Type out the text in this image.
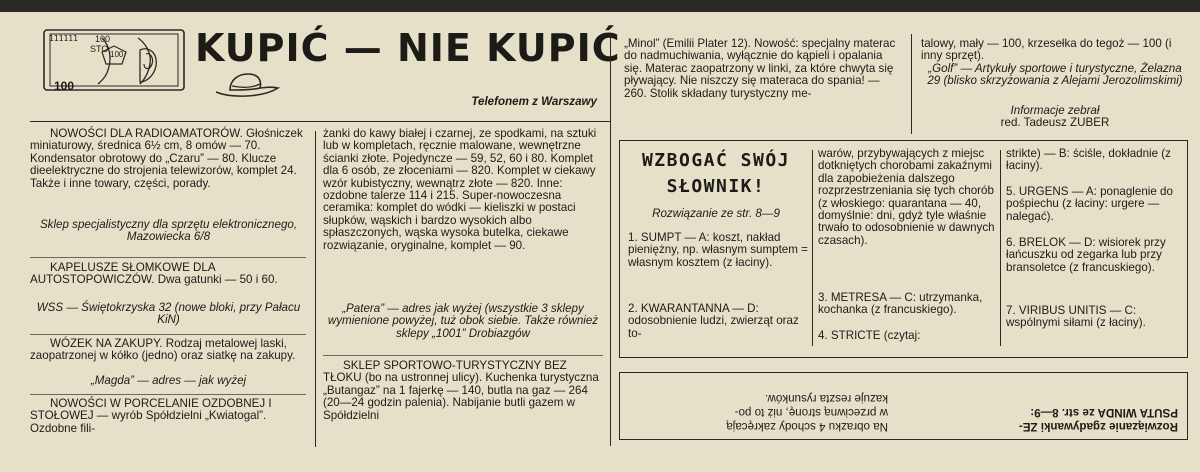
111111 100
STO
100
100
KUPIĆ — NIE KUPIĆ
Telefonem z Warszawy
NOWOŚCI DLA RADIOAMATORÓW. Głośniczek miniaturowy, średnica 6½ cm, 8 omów — 70. Kondensator obrotowy do „Czaru” — 80. Klucze dieelektryczne do strojenia telewizorów, komplet 24. Także i inne towary, części, porady.
Sklep specjalistyczny dla sprzętu elektronicznego, Mazowiecka 6/8
KAPELUSZE SŁOMKOWE DLA AUTOSTOPOWICZÓW. Dwa gatunki — 50 i 60.
WSS — Świętokrzyska 32 (nowe bloki, przy Pałacu KiN)
WÓZEK NA ZAKUPY. Rodzaj metalowej laski, zaopatrzonej w kółko (jedno) oraz siatkę na zakupy.
„Magda” — adres — jak wyżej
NOWOŚCI W PORCELANIE OZDOBNEJ I STOŁOWEJ — wyrób Spółdzielni „Kwiatogal”. Ozdobne fili-
żanki do kawy białej i czarnej, ze spodkami, na sztuki lub w kompletach, ręcznie malowane, wewnętrzne ścianki złote. Pojedyncze — 59, 52, 60 i 80. Komplet dla 6 osób, ze złoceniami — 820. Komplet w ciekawy wzór kubistyczny, wewnątrz złote — 820. Inne: ozdobne talerze 114 i 215. Super-nowoczesna ceramika: komplet do wódki — kieliszki w postaci słupków, wąskich i bardzo wysokich albo spłaszczonych, wąska wysoka butelka, ciekawe rozwiązanie, oryginalne, komplet — 90.
„Patera” — adres jak wyżej (wszystkie 3 sklepy wymienione powyżej, tuż obok siebie. Także również sklepy „1001” Drobiazgów
SKLEP SPORTOWO-TURYSTYCZNY BEZ TŁOKU (bo na ustronnej ulicy). Kuchenka turystyczna „Butangaz” na 1 fajerkę — 140, butla na gaz — 264 (20—24 godzin palenia). Nabijanie butli gazem w Spółdzielni
„Minol” (Emilii Plater 12). Nowość: specjalny materac do nadmuchiwania, wyłącznie do kąpieli i opalania się. Materac zaopatrzony w linki, za które chwyta się pływający. Nie niszczy się materaca do spania! — 260. Stolik składany turystyczny me-
talowy, mały — 100, krzesełka do tegoż — 100 (i inny sprzęt).
„Golf” — Artykuły sportowe i turystyczne, Żelazna 29 (blisko skrzyżowania z Alejami Jerozolimskimi)
Informacje zebrał
red. Tadeusz ZUBER
WZBOGAĆ SWÓJ
SŁOWNIK!
Rozwiązanie ze str. 8—9
1. SUMPT — A: koszt, nakład pieniężny, np. własnym sumptem = własnym kosztem (z łaciny).
2. KWARANTANNA — D: odosobnienie ludzi, zwierząt oraz to-
warów, przybywających z miejsc dotkniętych chorobami zakaźnymi dla zapobieżenia dalszego rozprzestrzeniania się tych chorób (z włoskiego: quarantana — 40, domyślnie: dni, gdyż tyle właśnie trwało to odosobnienie w dawnych czasach).
3. METRESA — C: utrzymanka, kochanka (z francuskiego).
4. STRICTE (czytaj:
strikte) — B: ściśle, dokładnie (z łaciny).
5. URGENS — A: ponaglenie do pośpiechu (z łaciny: urgere — nalegać).
6. BRELOK — D: wisiorek przy łańcuszku od zegarka lub przy bransoletce (z francuskiego).
7. VIRIBUS UNITIS — C: wspólnymi siłami (z łaciny).
Rozwiązanie zgadywanki ZE-
PSUTA WINDA ze str. 8—9:
Na obrazku 4 schody zakręcają
w przeciwną stronę, niż to po-
kazuje reszta rysunków.
